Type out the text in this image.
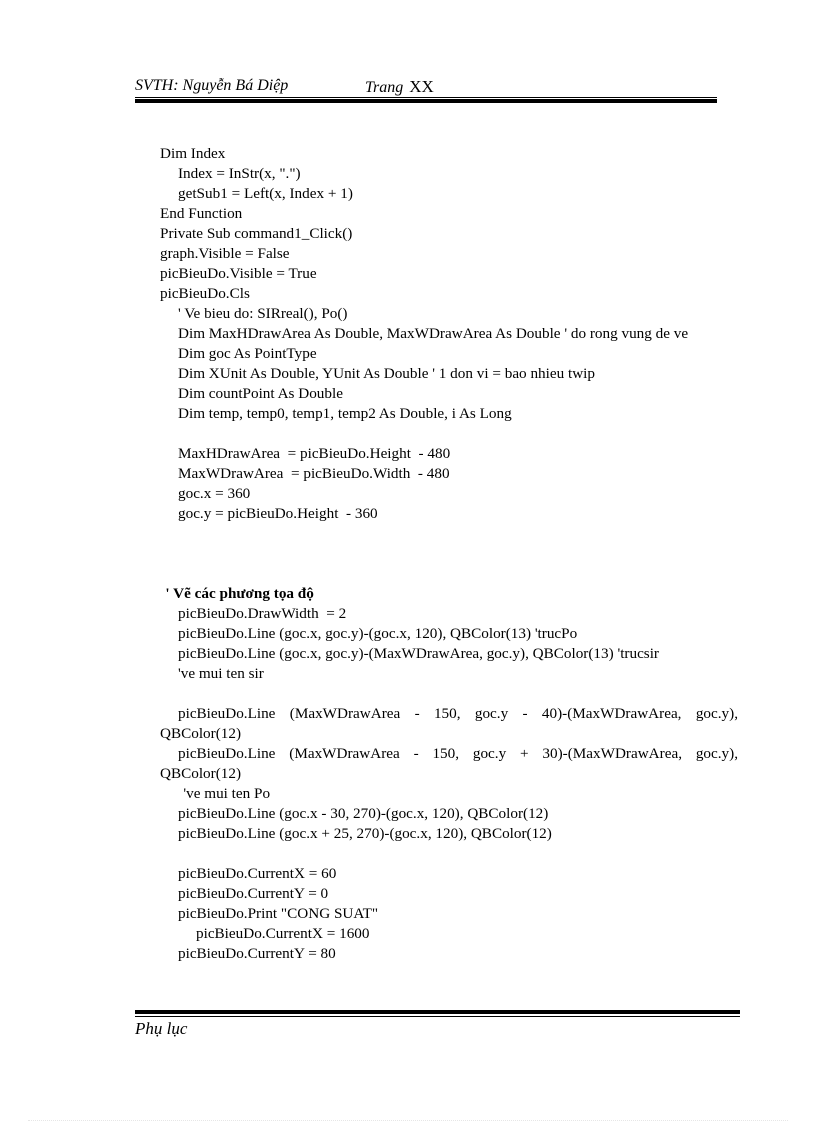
SVTH: Nguyễn Bá Diệp	Trang XX
Dim Index
Index = InStr(x, ".")
getSub1 = Left(x, Index + 1)
End Function
Private Sub command1_Click()
graph.Visible = False
picBieuDo.Visible = True
picBieuDo.Cls
' Ve bieu do: SIRreal(), Po()
Dim MaxHDrawArea As Double, MaxWDrawArea As Double ' do rong vung de ve
Dim goc As PointType
Dim XUnit As Double, YUnit As Double ' 1 don vi = bao nhieu twip
Dim countPoint As Double
Dim temp, temp0, temp1, temp2 As Double, i As Long
MaxHDrawArea  = picBieuDo.Height  - 480
MaxWDrawArea  = picBieuDo.Width  - 480
goc.x = 360
goc.y = picBieuDo.Height  - 360
' Vẽ các phương tọa độ
picBieuDo.DrawWidth  = 2
picBieuDo.Line (goc.x, goc.y)-(goc.x, 120), QBColor(13) 'trucPo
picBieuDo.Line (goc.x, goc.y)-(MaxWDrawArea, goc.y), QBColor(13) 'trucsir
've mui ten sir
picBieuDo.Line (MaxWDrawArea - 150, goc.y - 40)-(MaxWDrawArea, goc.y), QBColor(12)
picBieuDo.Line (MaxWDrawArea - 150, goc.y + 30)-(MaxWDrawArea, goc.y), QBColor(12)
've mui ten Po
picBieuDo.Line (goc.x - 30, 270)-(goc.x, 120), QBColor(12)
picBieuDo.Line (goc.x + 25, 270)-(goc.x, 120), QBColor(12)
picBieuDo.CurrentX = 60
picBieuDo.CurrentY = 0
picBieuDo.Print "CONG SUAT"
picBieuDo.CurrentX = 1600
picBieuDo.CurrentY = 80
Phụ lục
